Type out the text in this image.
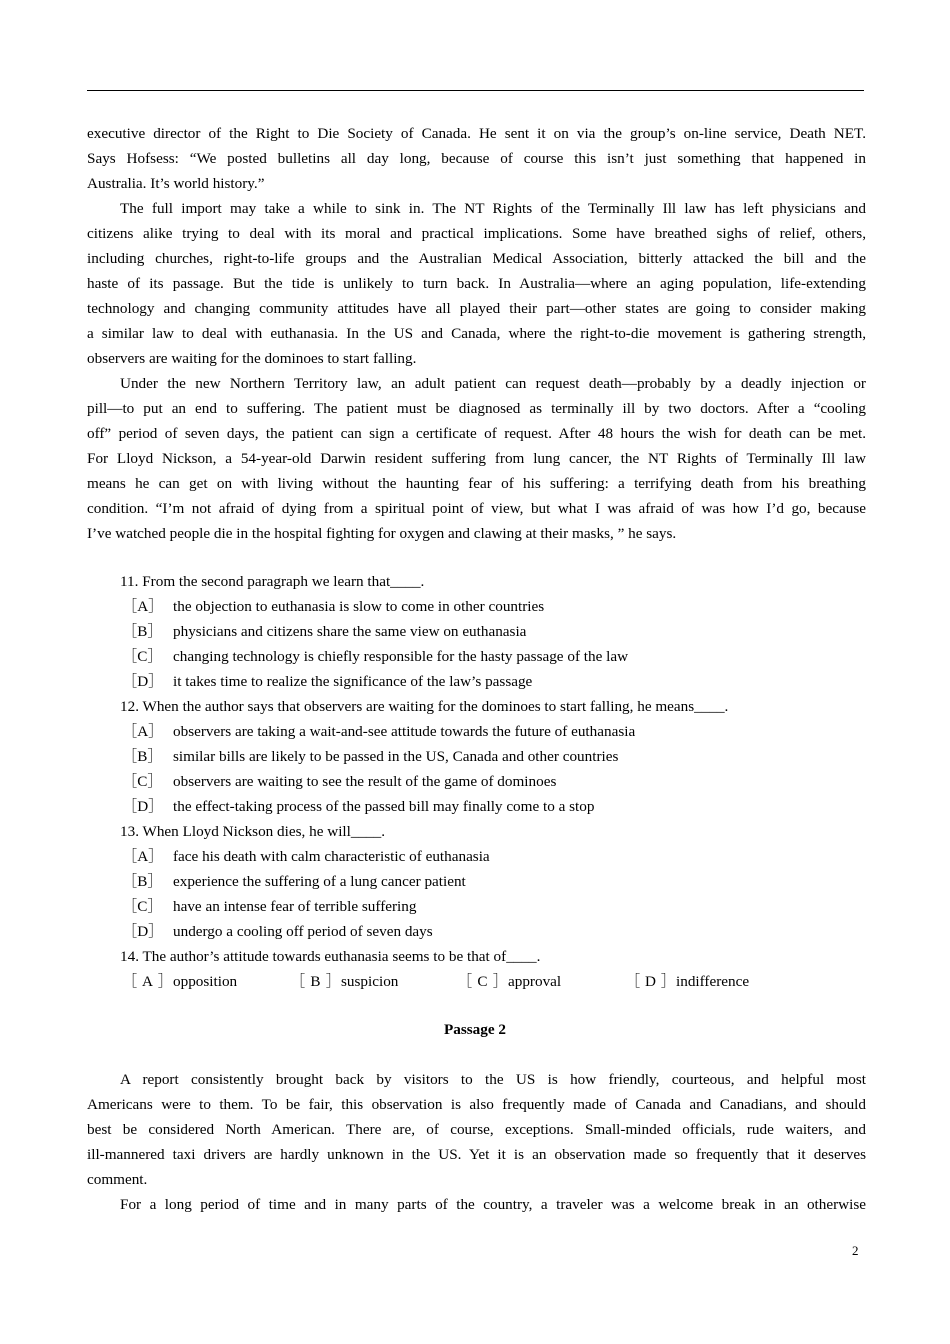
executive director of the Right to Die Society of Canada. He sent it on via the group’s on-line service, Death NET.
Says Hofsess: “We posted bulletins all day long, because of course this isn’t just something that happened in
Australia. It’s world history.”
The full import may take a while to sink in. The NT Rights of the Terminally Ill law has left physicians and
citizens alike trying to deal with its moral and practical implications. Some have breathed sighs of relief, others,
including churches, right-to-life groups and the Australian Medical Association, bitterly attacked the bill and the
haste of its passage. But the tide is unlikely to turn back. In Australia—where an aging population, life-extending
technology and changing community attitudes have all played their part—other states are going to consider making
a similar law to deal with euthanasia. In the US and Canada, where the right-to-die movement is gathering strength,
observers are waiting for the dominoes to start falling.
Under the new Northern Territory law, an adult patient can request death—probably by a deadly injection or
pill—to put an end to suffering. The patient must be diagnosed as terminally ill by two doctors. After a “cooling
off” period of seven days, the patient can sign a certificate of request. After 48 hours the wish for death can be met.
For Lloyd Nickson, a 54-year-old Darwin resident suffering from lung cancer, the NT Rights of Terminally Ill law
means he can get on with living without the haunting fear of his suffering: a terrifying death from his breathing
condition. “I’m not afraid of dying from a spiritual point of view, but what I was afraid of was how I’d go, because
I’ve watched people die in the hospital fighting for oxygen and clawing at their masks, ” he says.
11. From the second paragraph we learn that____.
［A］ the objection to euthanasia is slow to come in other countries
［B］ physicians and citizens share the same view on euthanasia
［C］ changing technology is chiefly responsible for the hasty passage of the law
［D］ it takes time to realize the significance of the law’s passage
12. When the author says that observers are waiting for the dominoes to start falling, he means____.
［A］ observers are taking a wait-and-see attitude towards the future of euthanasia
［B］ similar bills are likely to be passed in the US, Canada and other countries
［C］ observers are waiting to see the result of the game of dominoes
［D］ the effect-taking process of the passed bill may finally come to a stop
13. When Lloyd Nickson dies, he will____.
［A］ face his death with calm characteristic of euthanasia
［B］ experience the suffering of a lung cancer patient
［C］ have an intense fear of terrible suffering
［D］ undergo a cooling off period of seven days
14. The author’s attitude towards euthanasia seems to be that of____.
［A］ opposition	［B］ suspicion	［C］ approval	［D］ indifference
Passage 2
A report consistently brought back by visitors to the US is how friendly, courteous, and helpful most
Americans were to them. To be fair, this observation is also frequently made of Canada and Canadians, and should
best be considered North American. There are, of course, exceptions. Small-minded officials, rude waiters, and
ill-mannered taxi drivers are hardly unknown in the US. Yet it is an observation made so frequently that it deserves
comment.
For a long period of time and in many parts of the country, a traveler was a welcome break in an otherwise
2
